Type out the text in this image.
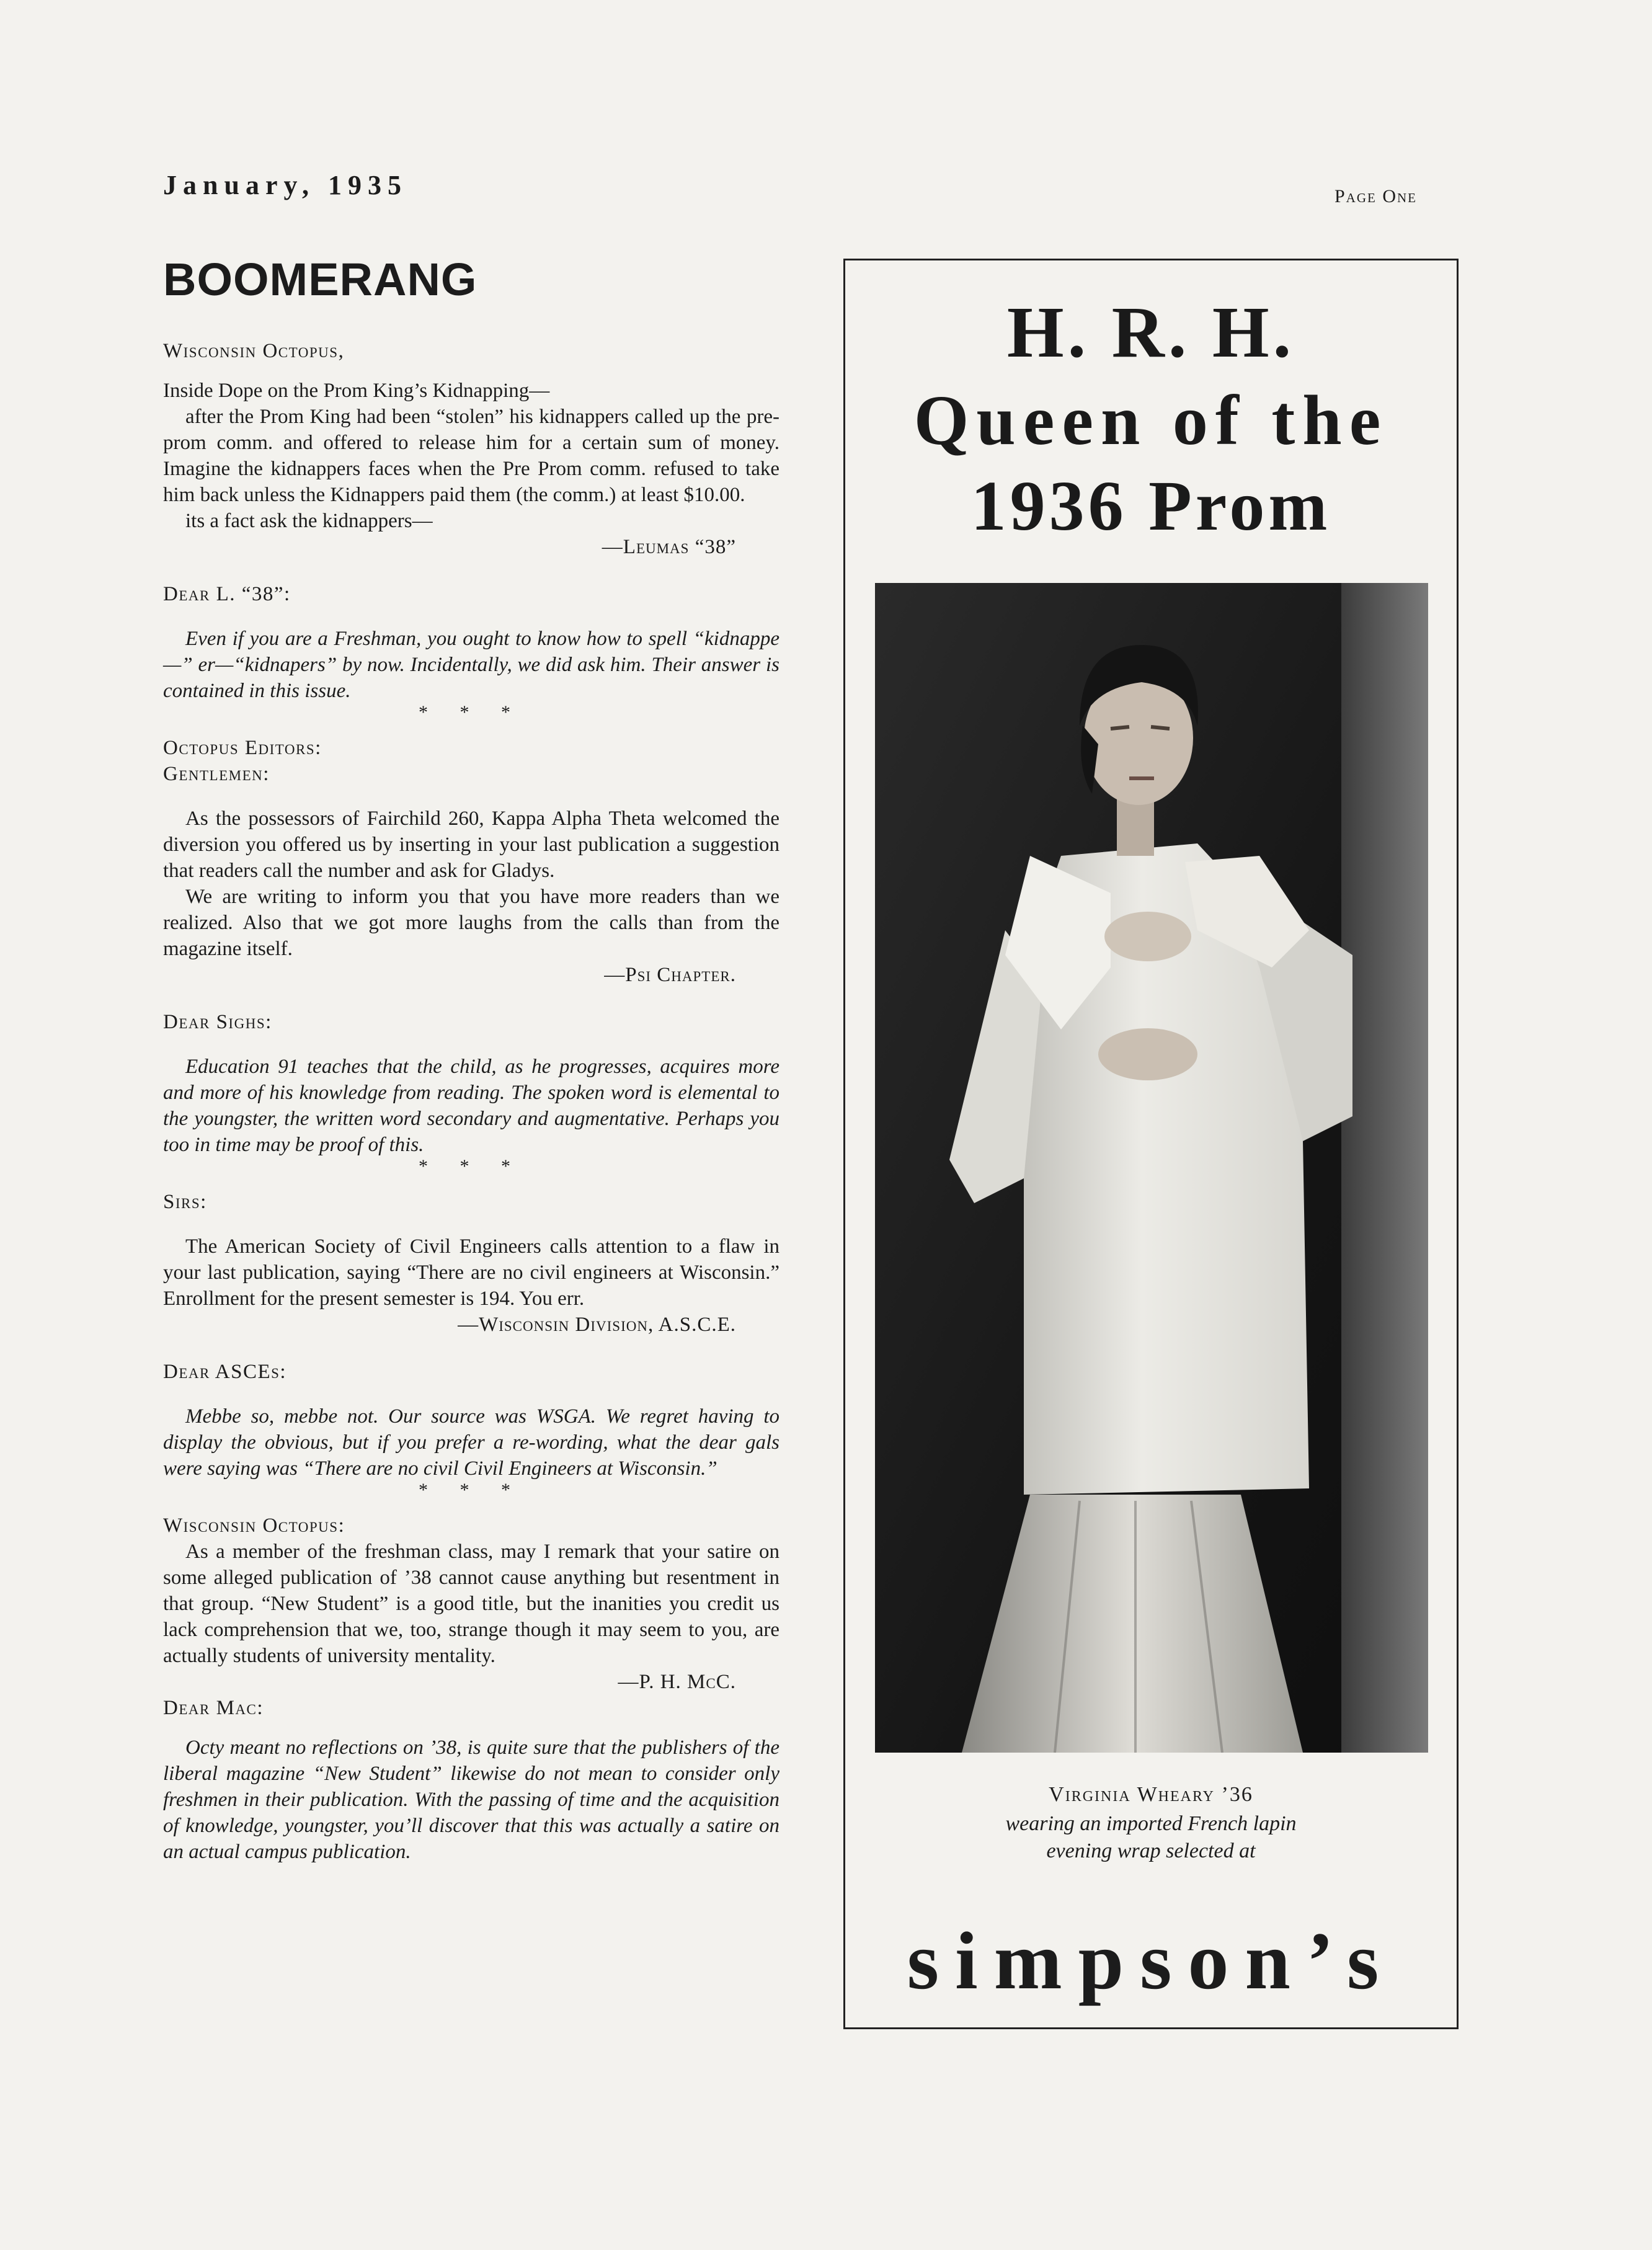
January, 1935	Page One
BOOMERANG
Wisconsin Octopus,
Inside Dope on the Prom King’s Kidnapping—
after the Prom King had been “stolen” his kidnappers called up the pre-prom comm. and offered to release him for a certain sum of money. Imagine the kidnappers faces when the Pre Prom comm. refused to take him back unless the Kidnappers paid them (the comm.) at least $10.00.
its a fact ask the kidnappers—
—Leumas “38”
Dear L. “38”:
Even if you are a Freshman, you ought to know how to spell “kidnappe—” er—“kidnapers” by now. Incidentally, we did ask him. Their answer is contained in this issue.
* * *
Octopus Editors:
Gentlemen:
As the possessors of Fairchild 260, Kappa Alpha Theta welcomed the diversion you offered us by inserting in your last publication a suggestion that readers call the number and ask for Gladys.
We are writing to inform you that you have more readers than we realized. Also that we got more laughs from the calls than from the magazine itself.
—Psi Chapter.
Dear Sighs:
Education 91 teaches that the child, as he progresses, acquires more and more of his knowledge from reading. The spoken word is elemental to the youngster, the written word secondary and augmentative. Perhaps you too in time may be proof of this.
* * *
Sirs:
The American Society of Civil Engineers calls attention to a flaw in your last publication, saying “There are no civil engineers at Wisconsin.” Enrollment for the present semester is 194. You err.
—Wisconsin Division, A.S.C.E.
Dear ASCEs:
Mebbe so, mebbe not. Our source was WSGA. We regret having to display the obvious, but if you prefer a re-wording, what the dear gals were saying was “There are no civil Civil Engineers at Wisconsin.”
* * *
Wisconsin Octopus:
As a member of the freshman class, may I remark that your satire on some alleged publication of ’38 cannot cause anything but resentment in that group. “New Student” is a good title, but the inanities you credit us lack comprehension that we, too, strange though it may seem to you, are actually students of university mentality.
—P. H. McC.
Dear Mac:
Octy meant no reflections on ’38, is quite sure that the publishers of the liberal magazine “New Student” likewise do not mean to consider only freshmen in their publication. With the passing of time and the acquisition of knowledge, youngster, you’ll discover that this was actually a satire on an actual campus publication.
H. R. H.
Queen of the
1936 Prom
Virginia Wheary ’36
wearing an imported French lapin
evening wrap selected at
simpson’s
